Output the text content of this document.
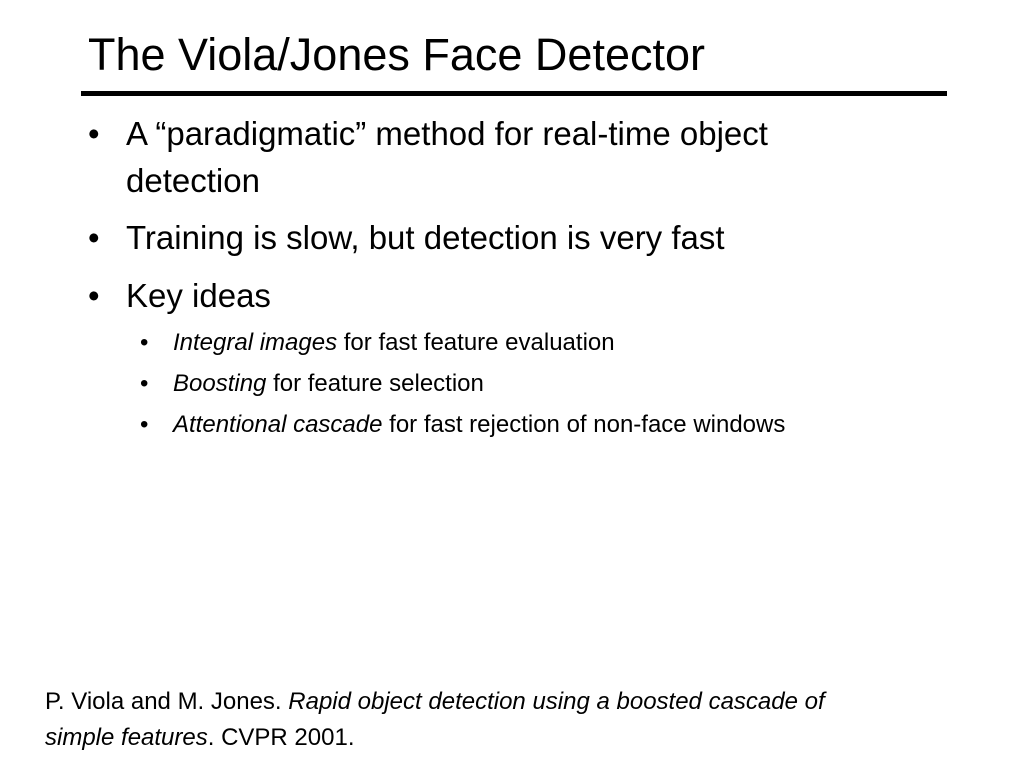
The Viola/Jones Face Detector
• A “paradigmatic” method for real-time object
detection
• Training is slow, but detection is very fast
• Key ideas
• Integral images for fast feature evaluation
• Boosting for feature selection
• Attentional cascade for fast rejection of non-face windows
P. Viola and M. Jones. Rapid object detection using a boosted cascade of
simple features. CVPR 2001.
